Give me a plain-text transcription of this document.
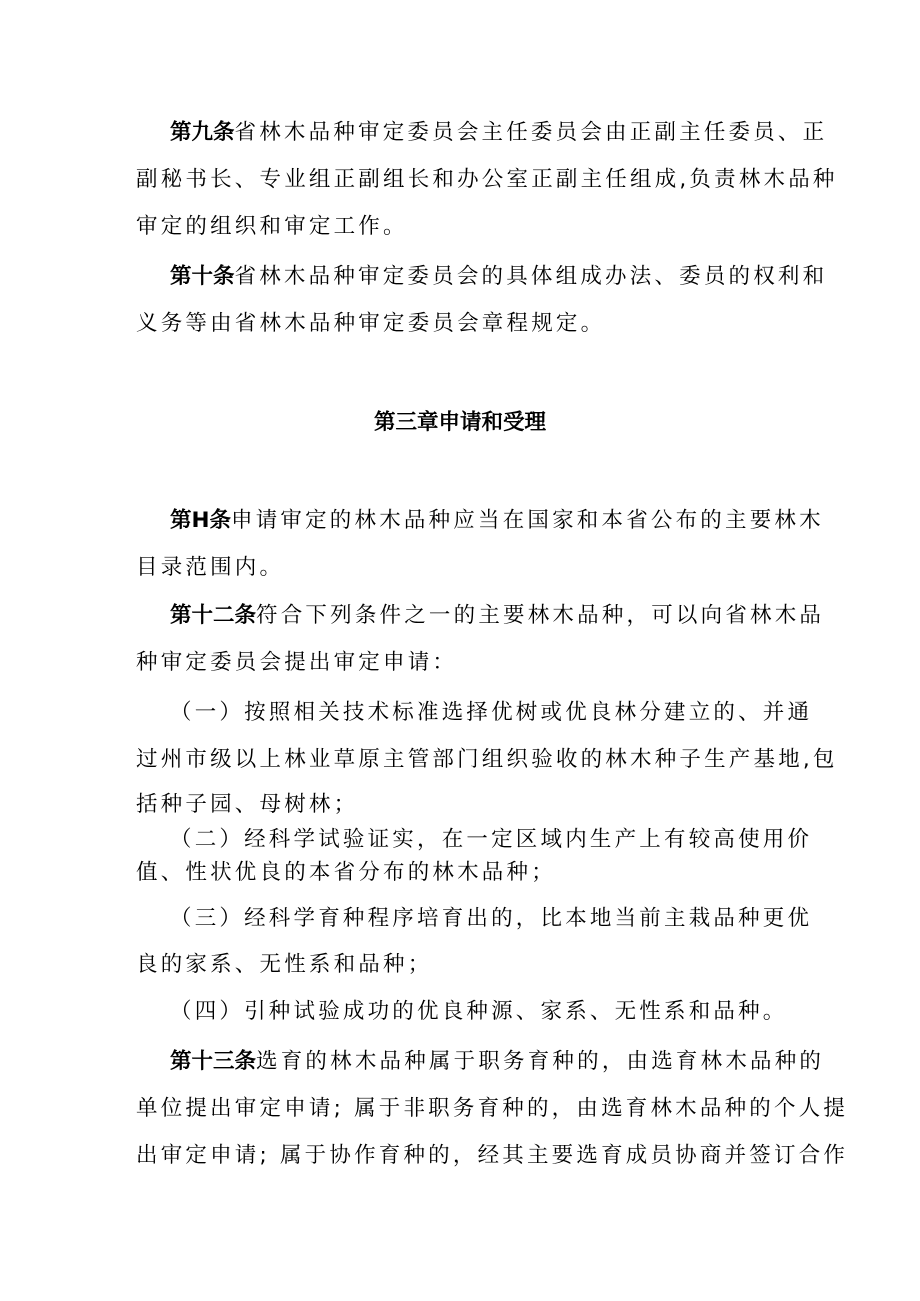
第九条省林木品种审定委员会主任委员会由正副主任委员、正
副秘书长、专业组正副组长和办公室正副主任组成,负责林木品种
审定的组织和审定工作。
第十条省林木品种审定委员会的具体组成办法、委员的权利和
义务等由省林木品种审定委员会章程规定。
第三章申请和受理
第H条申请审定的林木品种应当在国家和本省公布的主要林木
目录范围内。
第十二条符合下列条件之一的主要林木品种，可以向省林木品
种审定委员会提出审定申请：
（一）按照相关技术标准选择优树或优良林分建立的、并通
过州市级以上林业草原主管部门组织验收的林木种子生产基地,包
括种子园、母树林；
（二）经科学试验证实，在一定区域内生产上有较高使用价
值、性状优良的本省分布的林木品种；
（三）经科学育种程序培育出的，比本地当前主栽品种更优
良的家系、无性系和品种；
（四）引种试验成功的优良种源、家系、无性系和品种。
第十三条选育的林木品种属于职务育种的，由选育林木品种的
单位提出审定申请; 属于非职务育种的，由选育林木品种的个人提
出审定申请; 属于协作育种的，经其主要选育成员协商并签订合作
